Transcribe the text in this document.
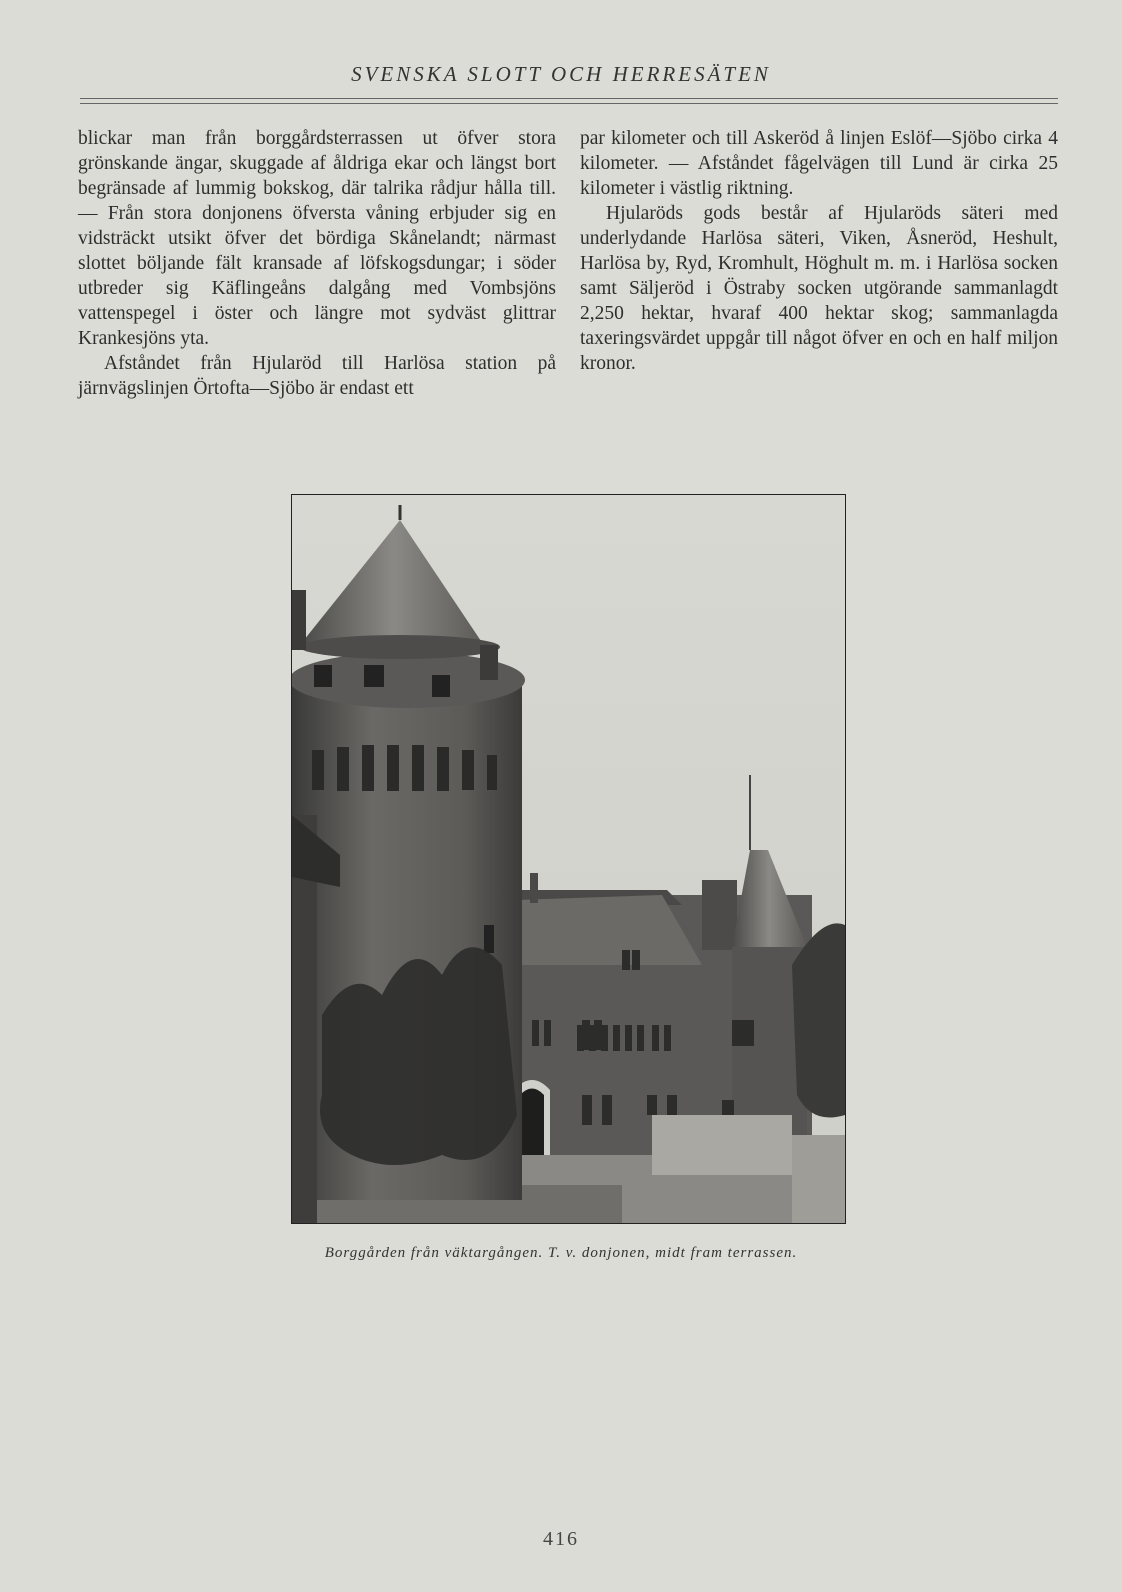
SVENSKA SLOTT OCH HERRESÄTEN

blickar man från borggårdsterrassen ut öfver stora grönskande ängar, skuggade af åldriga ekar och längst bort begränsade af lummig bokskog, där talrika rådjur hålla till. — Från stora donjonens öfversta våning erbjuder sig en vidsträckt utsikt öfver det bördiga Skånelandt; närmast slottet böljande fält kransade af löfskogsdungar; i söder utbreder sig Käflingeåns dalgång med Vombsjöns vattenspegel i öster och längre mot sydväst glittrar Krankesjöns yta.

Afståndet från Hjularöd till Harlösa station på järnvägslinjen Örtofta—Sjöbo är endast ett

par kilometer och till Askeröd å linjen Eslöf—Sjöbo cirka 4 kilometer. — Afståndet fågelvägen till Lund är cirka 25 kilometer i västlig riktning.

Hjularöds gods består af Hjularöds säteri med underlydande Harlösa säteri, Viken, Åsneröd, Heshult, Harlösa by, Ryd, Kromhult, Höghult m. m. i Harlösa socken samt Säljeröd i Östraby socken utgörande sammanlagdt 2,250 hektar, hvaraf 400 hektar skog; sammanlagda taxeringsvärdet uppgår till något öfver en och en half miljon kronor.

Borggården från väktargången. T. v. donjonen, midt fram terrassen.
416
